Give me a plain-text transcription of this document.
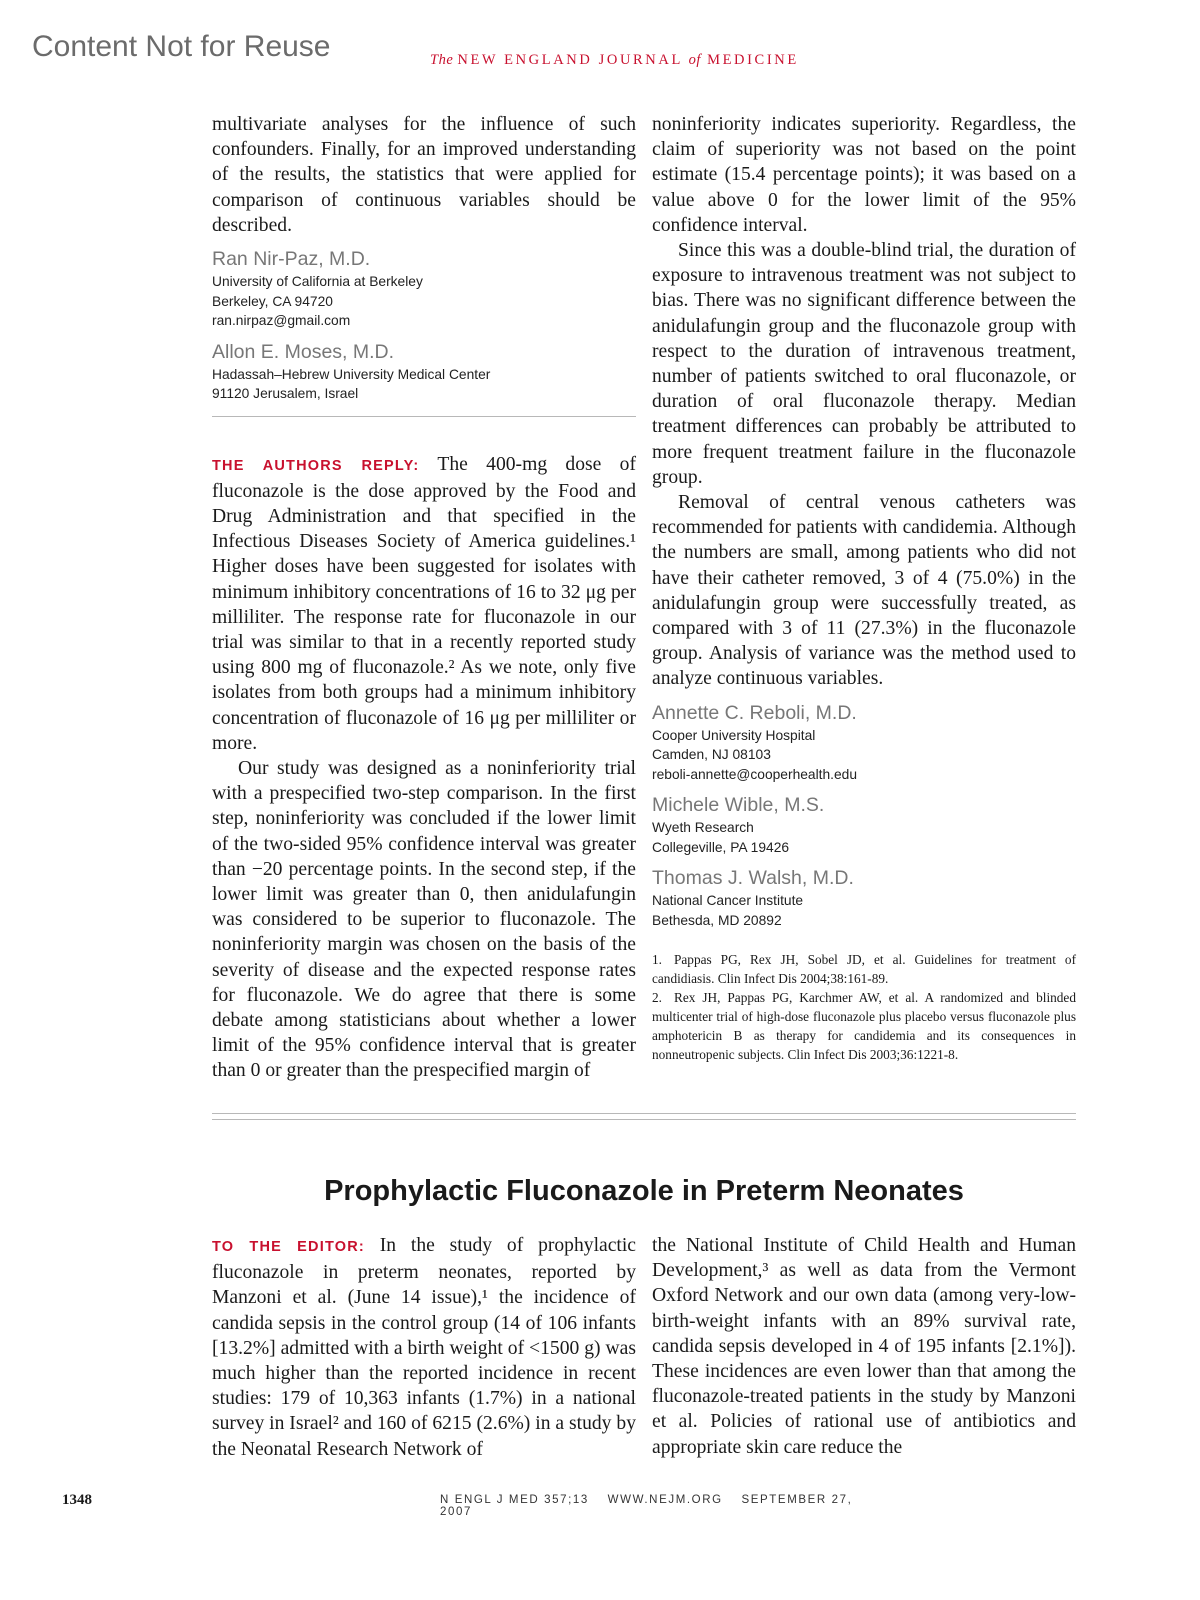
Content Not for Reuse	The NEW ENGLAND JOURNAL of MEDICINE

multivariate analyses for the influence of such confounders. Finally, for an improved understanding of the results, the statistics that were applied for comparison of continuous variables should be described.

Ran Nir-Paz, M.D.
University of California at Berkeley
Berkeley, CA 94720
ran.nirpaz@gmail.com
Allon E. Moses, M.D.
Hadassah–Hebrew University Medical Center
91120 Jerusalem, Israel

THE AUTHORS REPLY: The 400-mg dose of fluconazole is the dose approved by the Food and Drug Administration and that specified in the Infectious Diseases Society of America guidelines.¹ Higher doses have been suggested for isolates with minimum inhibitory concentrations of 16 to 32 μg per milliliter. The response rate for fluconazole in our trial was similar to that in a recently reported study using 800 mg of fluconazole.² As we note, only five isolates from both groups had a minimum inhibitory concentration of fluconazole of 16 μg per milliliter or more.

Our study was designed as a noninferiority trial with a prespecified two-step comparison. In the first step, noninferiority was concluded if the lower limit of the two-sided 95% confidence interval was greater than −20 percentage points. In the second step, if the lower limit was greater than 0, then anidulafungin was considered to be superior to fluconazole. The noninferiority margin was chosen on the basis of the severity of disease and the expected response rates for fluconazole. We do agree that there is some debate among statisticians about whether a lower limit of the 95% confidence interval that is greater than 0 or greater than the prespecified margin of

noninferiority indicates superiority. Regardless, the claim of superiority was not based on the point estimate (15.4 percentage points); it was based on a value above 0 for the lower limit of the 95% confidence interval.

Since this was a double-blind trial, the duration of exposure to intravenous treatment was not subject to bias. There was no significant difference between the anidulafungin group and the fluconazole group with respect to the duration of intravenous treatment, number of patients switched to oral fluconazole, or duration of oral fluconazole therapy. Median treatment differences can probably be attributed to more frequent treatment failure in the fluconazole group.

Removal of central venous catheters was recommended for patients with candidemia. Although the numbers are small, among patients who did not have their catheter removed, 3 of 4 (75.0%) in the anidulafungin group were successfully treated, as compared with 3 of 11 (27.3%) in the fluconazole group. Analysis of variance was the method used to analyze continuous variables.

Annette C. Reboli, M.D.
Cooper University Hospital
Camden, NJ 08103
reboli-annette@cooperhealth.edu
Michele Wible, M.S.
Wyeth Research
Collegeville, PA 19426
Thomas J. Walsh, M.D.
National Cancer Institute
Bethesda, MD 20892
1. Pappas PG, Rex JH, Sobel JD, et al. Guidelines for treatment of candidiasis. Clin Infect Dis 2004;38:161-89.
2. Rex JH, Pappas PG, Karchmer AW, et al. A randomized and blinded multicenter trial of high-dose fluconazole plus placebo versus fluconazole plus amphotericin B as therapy for candidemia and its consequences in nonneutropenic subjects. Clin Infect Dis 2003;36:1221-8.
Prophylactic Fluconazole in Preterm Neonates

TO THE EDITOR: In the study of prophylactic fluconazole in preterm neonates, reported by Manzoni et al. (June 14 issue),¹ the incidence of candida sepsis in the control group (14 of 106 infants [13.2%] admitted with a birth weight of <1500 g) was much higher than the reported incidence in recent studies: 179 of 10,363 infants (1.7%) in a national survey in Israel² and 160 of 6215 (2.6%) in a study by the Neonatal Research Network of

the National Institute of Child Health and Human Development,³ as well as data from the Vermont Oxford Network and our own data (among very-low-birth-weight infants with an 89% survival rate, candida sepsis developed in 4 of 195 infants [2.1%]). These incidences are even lower than that among the fluconazole-treated patients in the study by Manzoni et al. Policies of rational use of antibiotics and appropriate skin care reduce the

1348	N ENGL J MED 357;13 WWW.NEJM.ORG SEPTEMBER 27, 2007
